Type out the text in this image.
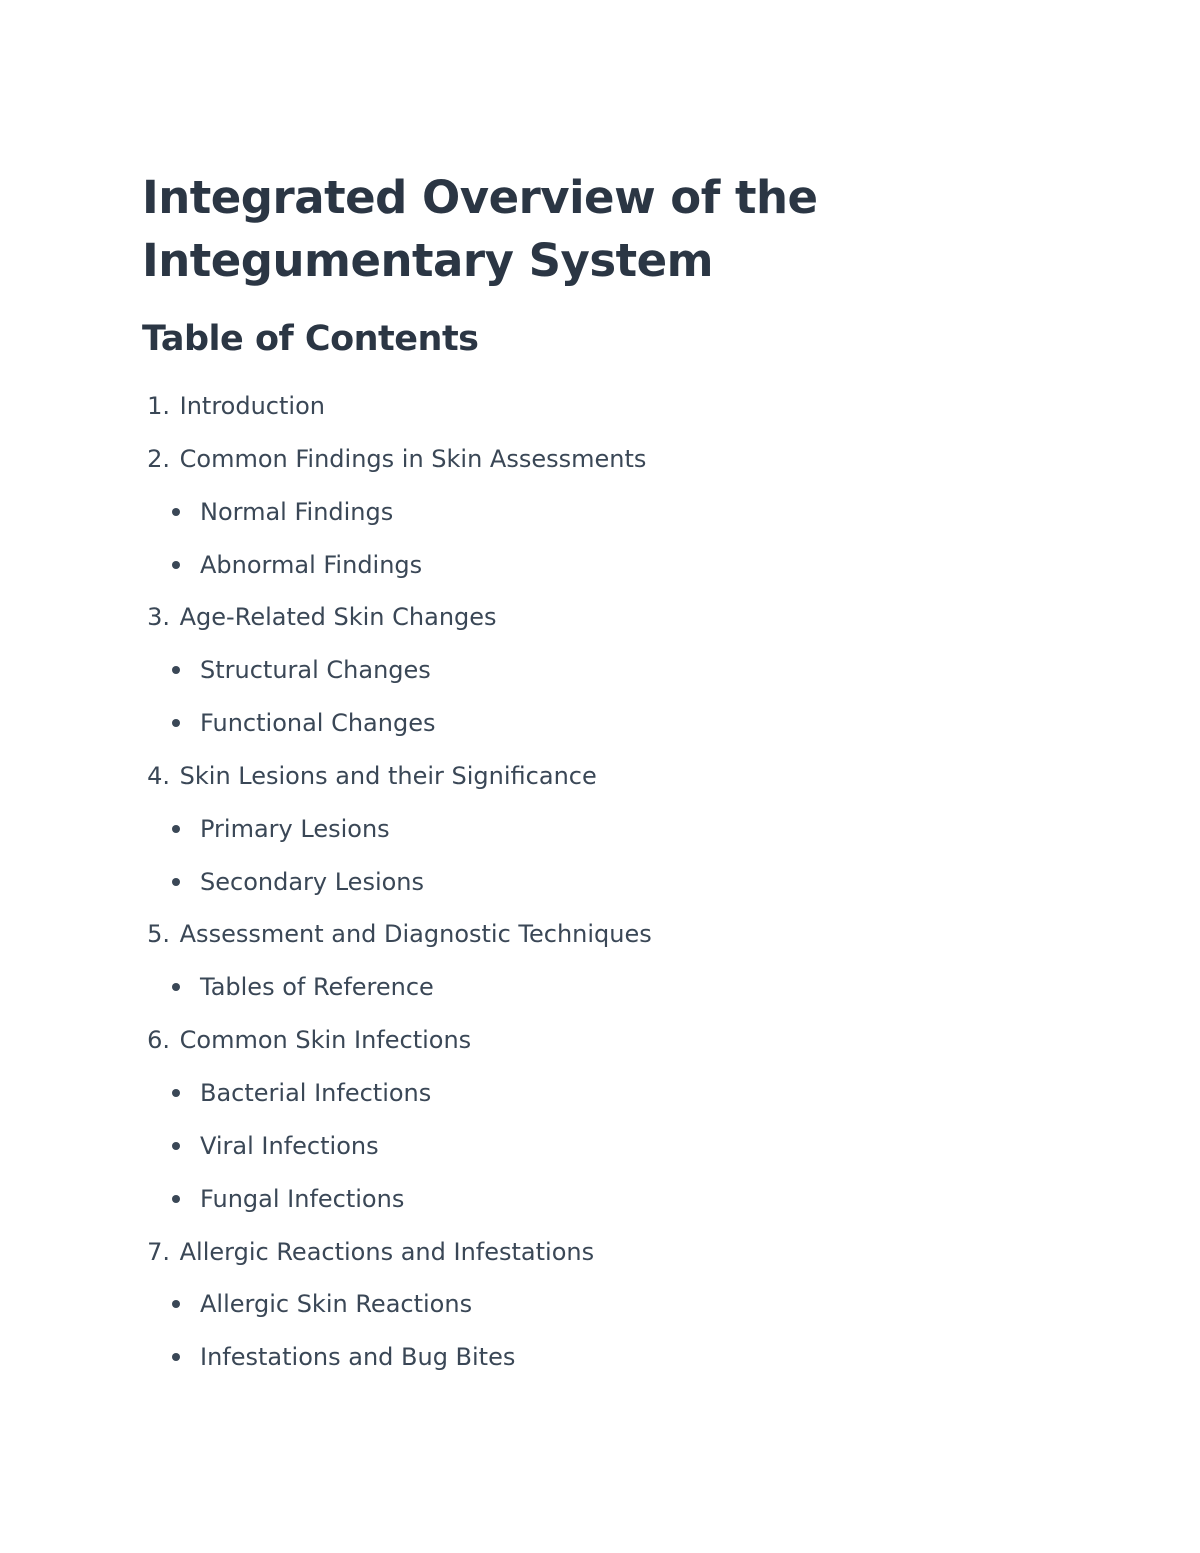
Integrated Overview of the Integumentary System
Table of Contents
1. Introduction
2. Common Findings in Skin Assessments
Normal Findings
Abnormal Findings
3. Age-Related Skin Changes
Structural Changes
Functional Changes
4. Skin Lesions and their Significance
Primary Lesions
Secondary Lesions
5. Assessment and Diagnostic Techniques
Tables of Reference
6. Common Skin Infections
Bacterial Infections
Viral Infections
Fungal Infections
7. Allergic Reactions and Infestations
Allergic Skin Reactions
Infestations and Bug Bites
